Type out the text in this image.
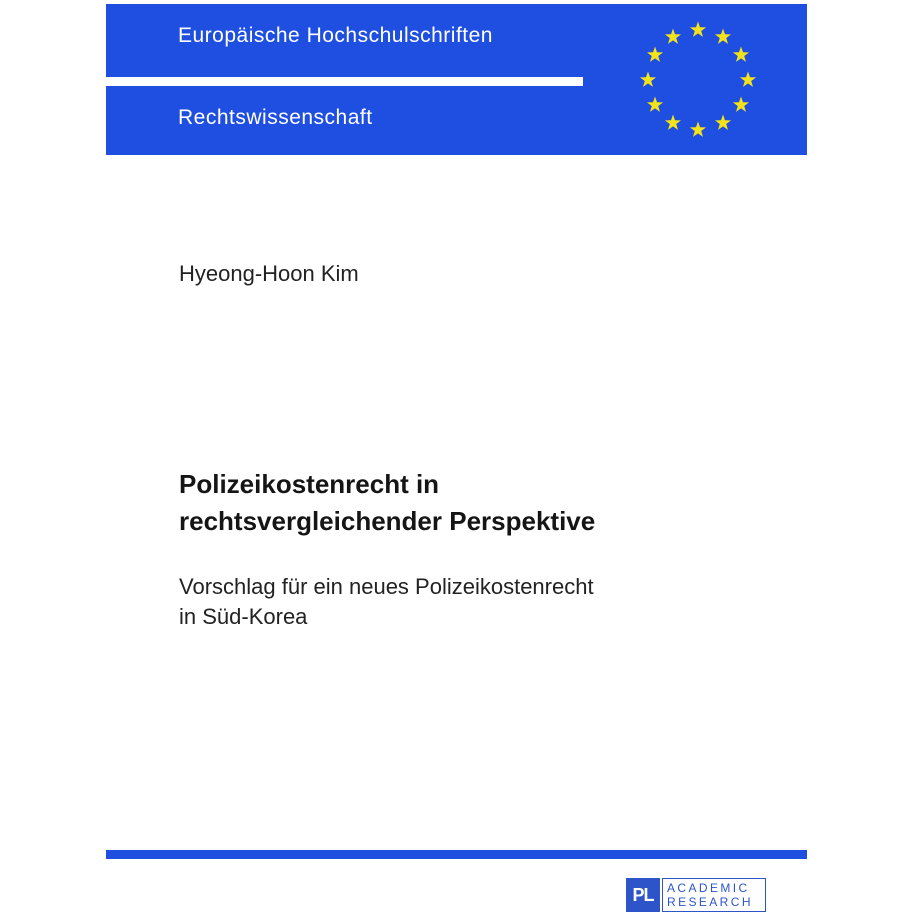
Europäische Hochschulschriften
Rechtswissenschaft
Hyeong-Hoon Kim
Polizeikostenrecht in
rechtsvergleichender Perspektive
Vorschlag für ein neues Polizeikostenrecht
in Süd-Korea
PL	ACADEMIC
RESEARCH
